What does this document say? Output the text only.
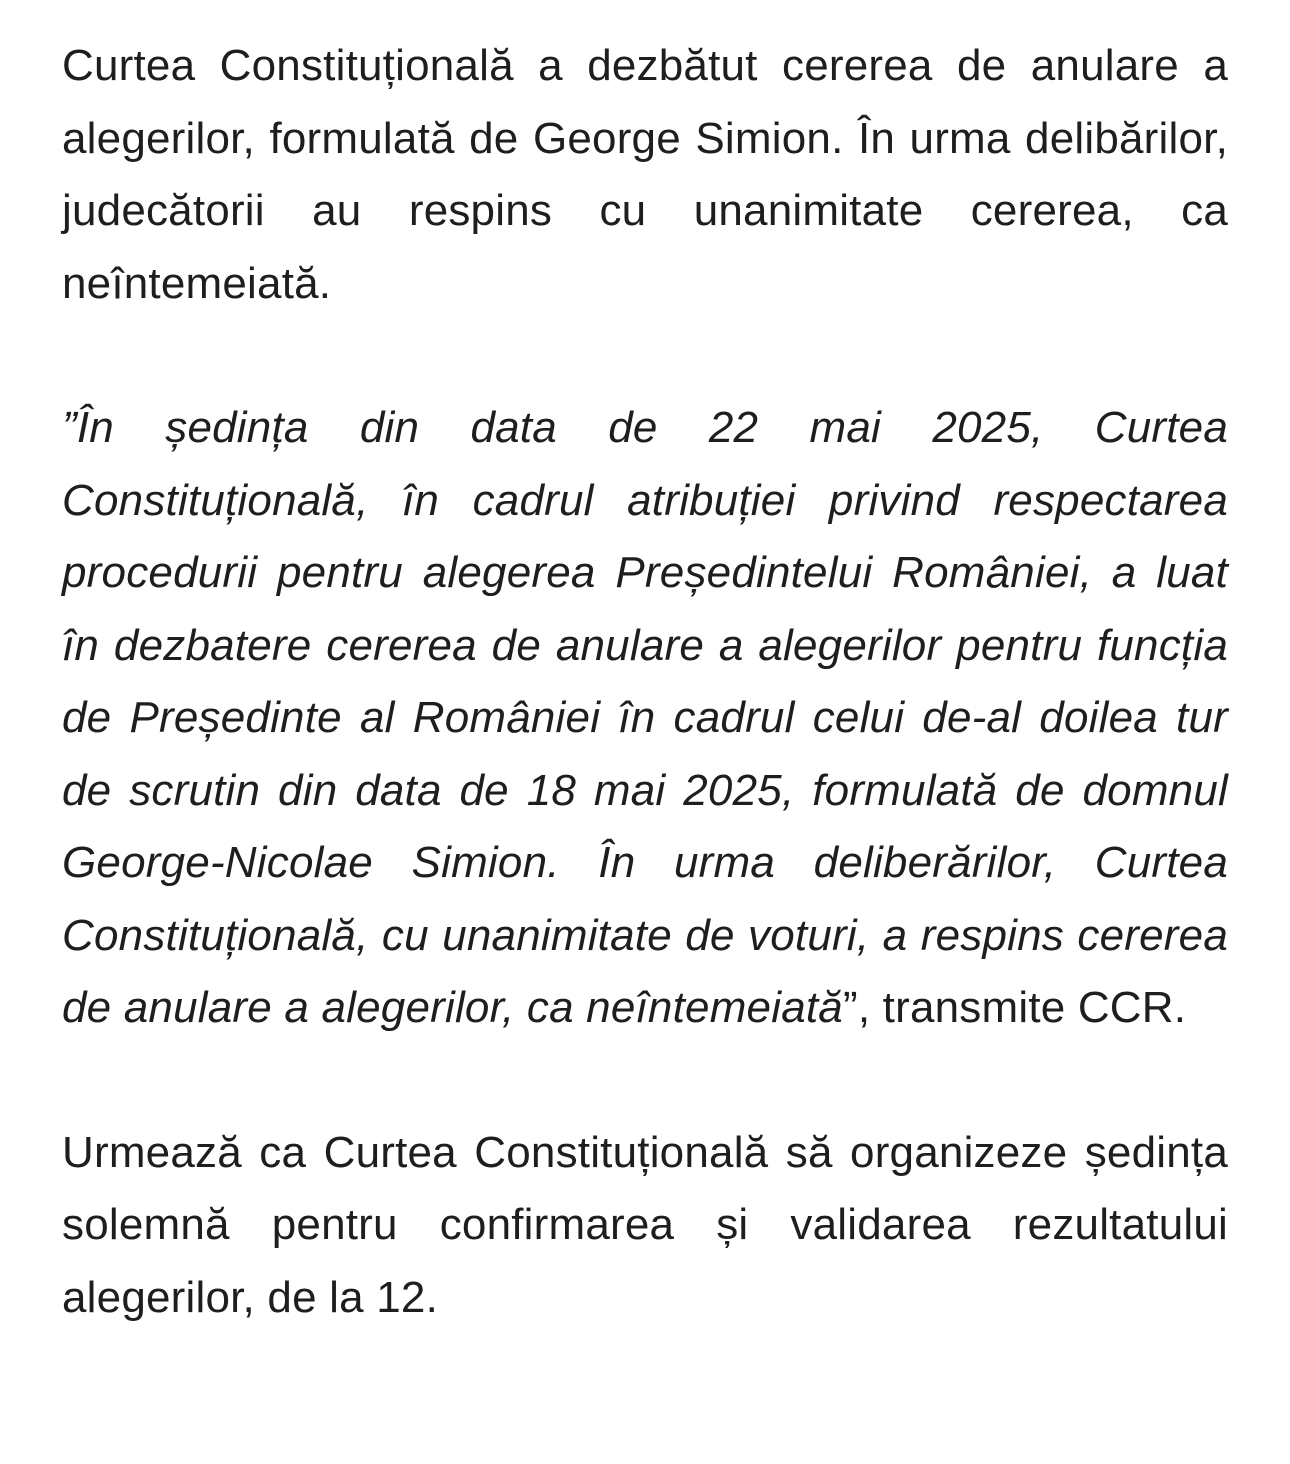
Curtea Constituțională a dezbătut cererea de anulare a alegerilor, formulată de George Simion. În urma delibărilor, judecătorii au respins cu unanimitate cererea, ca neîntemeiată.

”În ședința din data de 22 mai 2025, Curtea Constituțională, în cadrul atribuției privind respectarea procedurii pentru alegerea Președintelui României, a luat în dezbatere cererea de anulare a alegerilor pentru funcția de Președinte al României în cadrul celui de-al doilea tur de scrutin din data de 18 mai 2025, formulată de domnul George-Nicolae Simion. În urma deliberărilor, Curtea Constituțională, cu unanimitate de voturi, a respins cererea de anulare a alegerilor, ca neîntemeiată”, transmite CCR.

Urmează ca Curtea Constituțională să organizeze ședința solemnă pentru confirmarea și validarea rezultatului alegerilor, de la 12.
